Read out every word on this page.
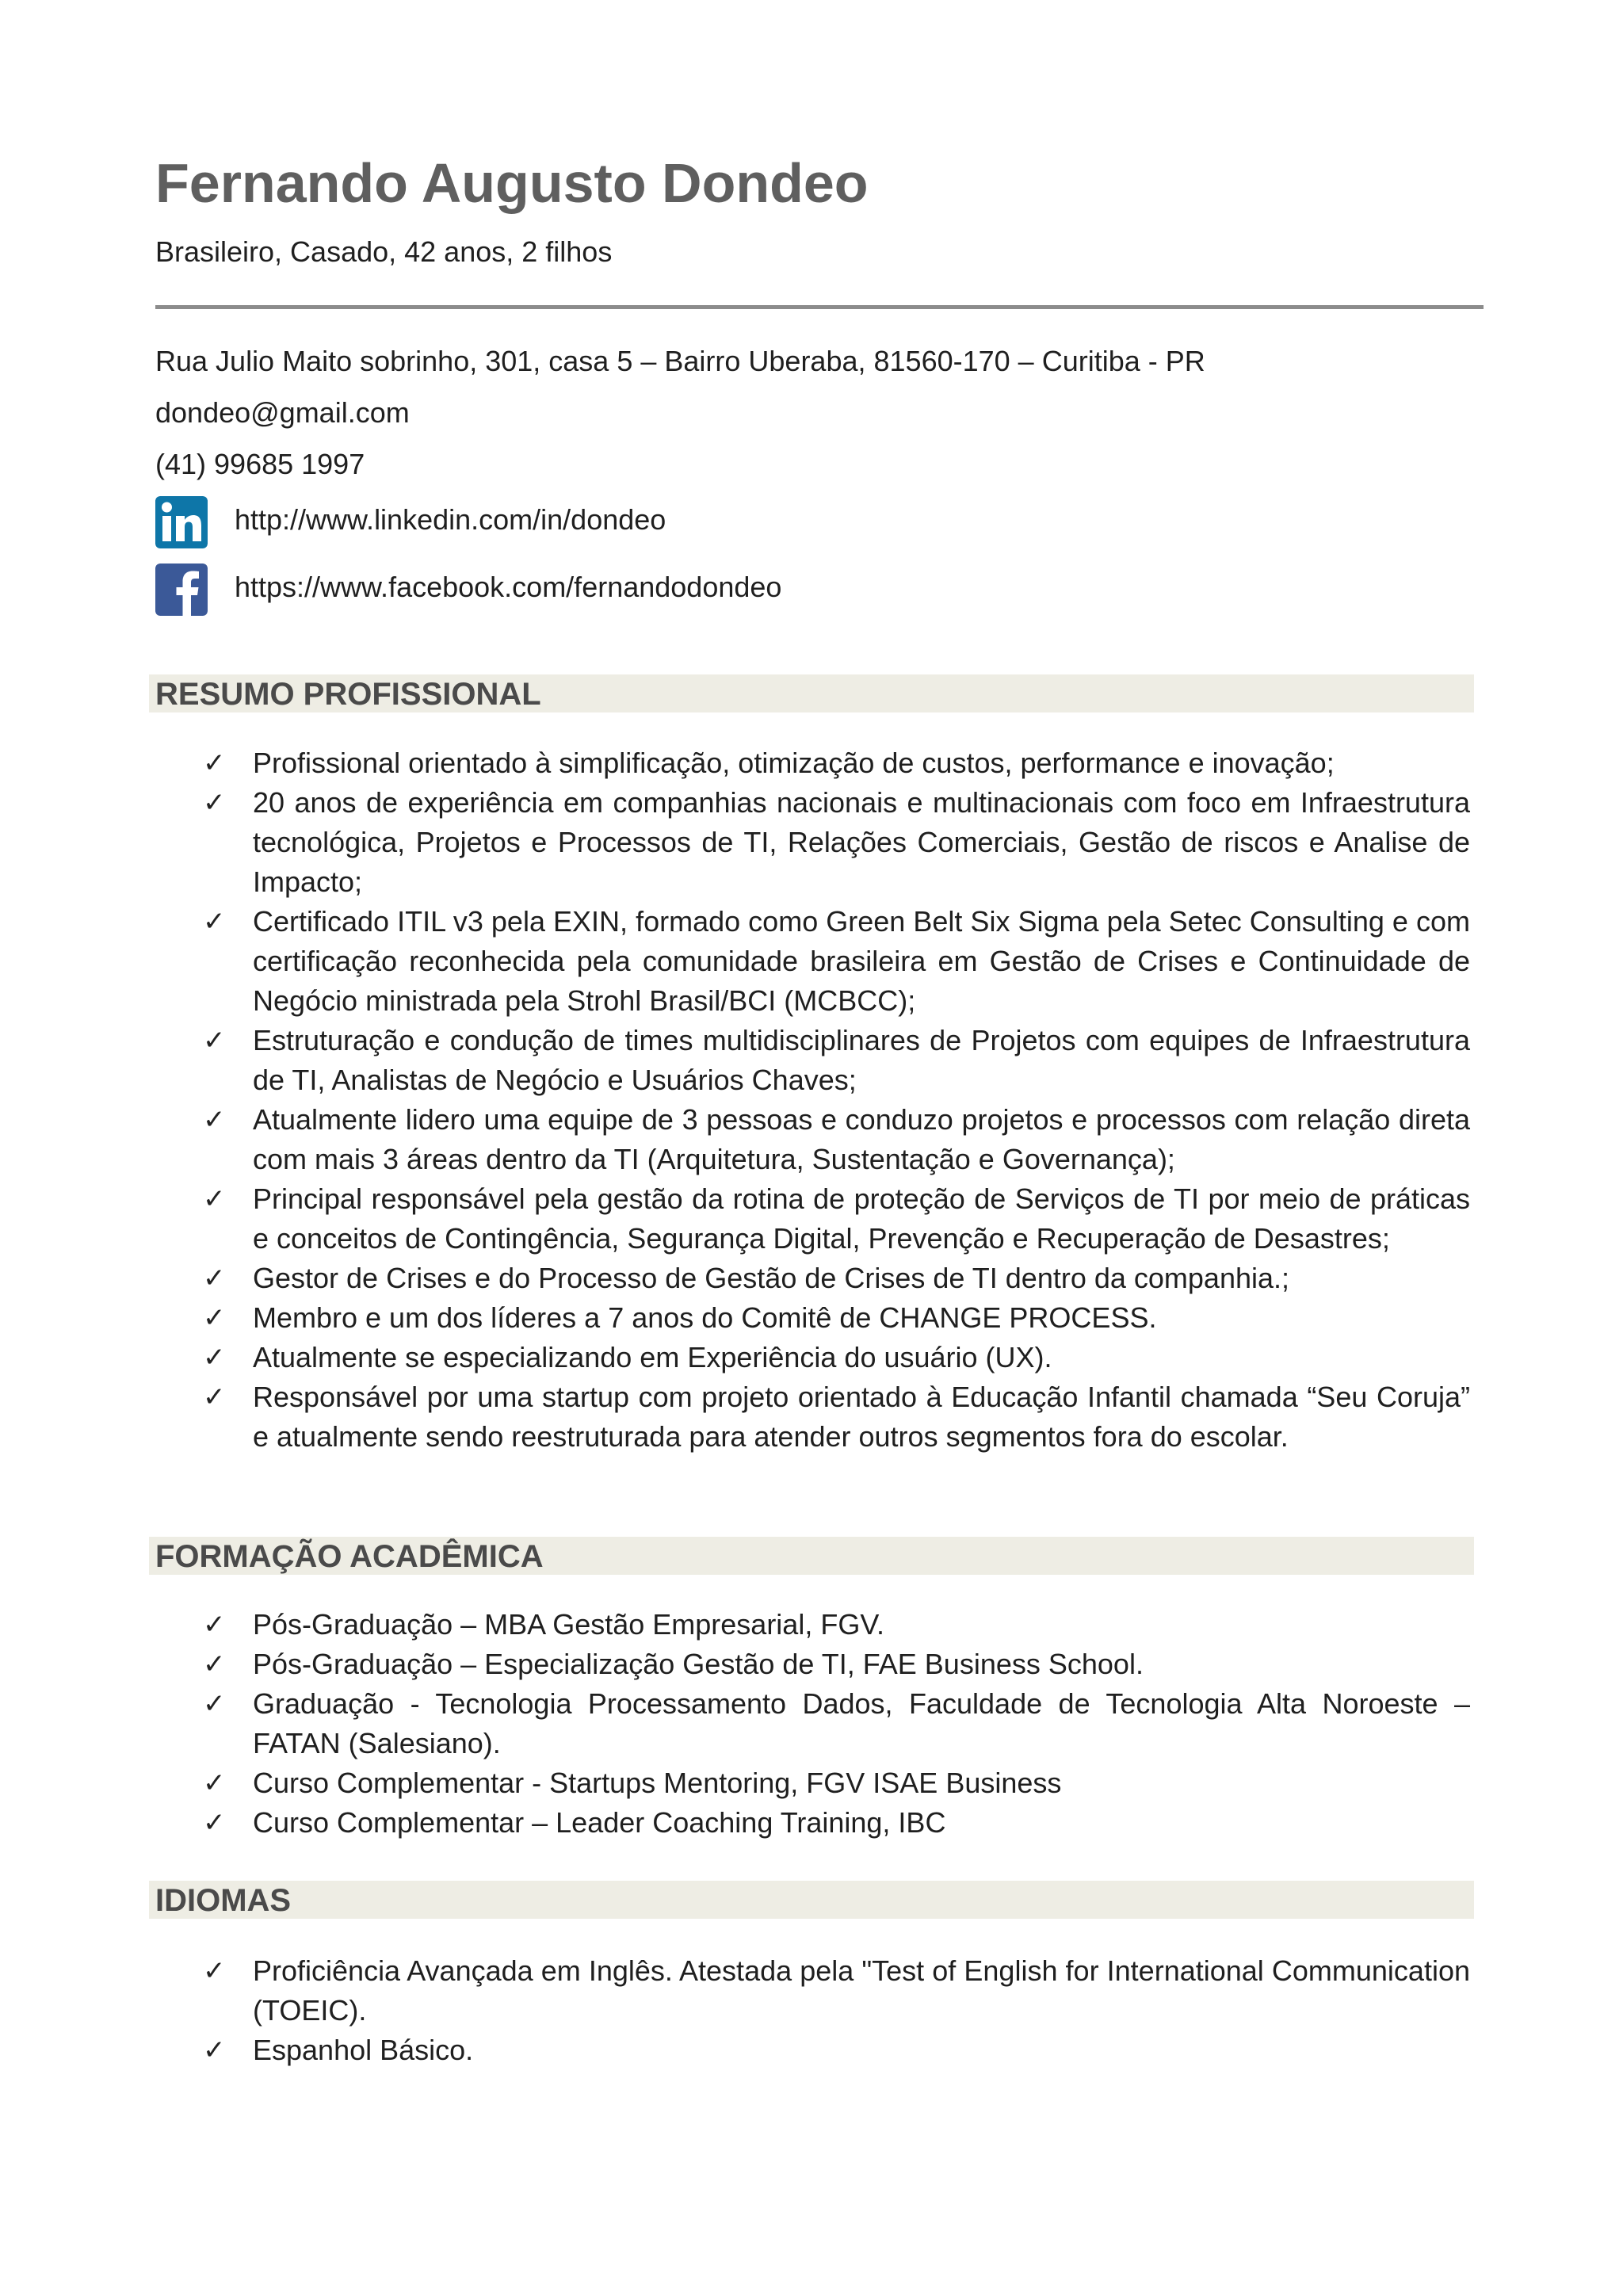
Fernando Augusto Dondeo
Brasileiro, Casado, 42 anos, 2 filhos
Rua Julio Maito sobrinho, 301, casa 5 – Bairro Uberaba, 81560-170 – Curitiba - PR
dondeo@gmail.com
(41) 99685 1997
http://www.linkedin.com/in/dondeo
https://www.facebook.com/fernandodondeo
RESUMO PROFISSIONAL
✓ Profissional orientado à simplificação, otimização de custos, performance e inovação;
✓ 20 anos de experiência em companhias nacionais e multinacionais com foco em Infraestrutura tecnológica, Projetos e Processos de TI, Relações Comerciais, Gestão de riscos e Analise de Impacto;
✓ Certificado ITIL v3 pela EXIN, formado como Green Belt Six Sigma pela Setec Consulting e com certificação reconhecida pela comunidade brasileira em Gestão de Crises e Continuidade de Negócio ministrada pela Strohl Brasil/BCI (MCBCC);
✓ Estruturação e condução de times multidisciplinares de Projetos com equipes de Infraestrutura de TI, Analistas de Negócio e Usuários Chaves;
✓ Atualmente lidero uma equipe de 3 pessoas e conduzo projetos e processos com relação direta com mais 3 áreas dentro da TI (Arquitetura, Sustentação e Governança);
✓ Principal responsável pela gestão da rotina de proteção de Serviços de TI por meio de práticas e conceitos de Contingência, Segurança Digital, Prevenção e Recuperação de Desastres;
✓ Gestor de Crises e do Processo de Gestão de Crises de TI dentro da companhia.;
✓ Membro e um dos líderes a 7 anos do Comitê de CHANGE PROCESS.
✓ Atualmente se especializando em Experiência do usuário (UX).
✓ Responsável por uma startup com projeto orientado à Educação Infantil chamada “Seu Coruja” e atualmente sendo reestruturada para atender outros segmentos fora do escolar.
FORMAÇÃO ACADÊMICA
✓ Pós-Graduação – MBA Gestão Empresarial, FGV.
✓ Pós-Graduação – Especialização Gestão de TI, FAE Business School.
✓ Graduação - Tecnologia Processamento Dados, Faculdade de Tecnologia Alta Noroeste – FATAN (Salesiano).
✓ Curso Complementar - Startups Mentoring, FGV ISAE Business
✓ Curso Complementar – Leader Coaching Training, IBC
IDIOMAS
✓ Proficiência Avançada em Inglês. Atestada pela "Test of English for International Communication (TOEIC).
✓ Espanhol Básico.
